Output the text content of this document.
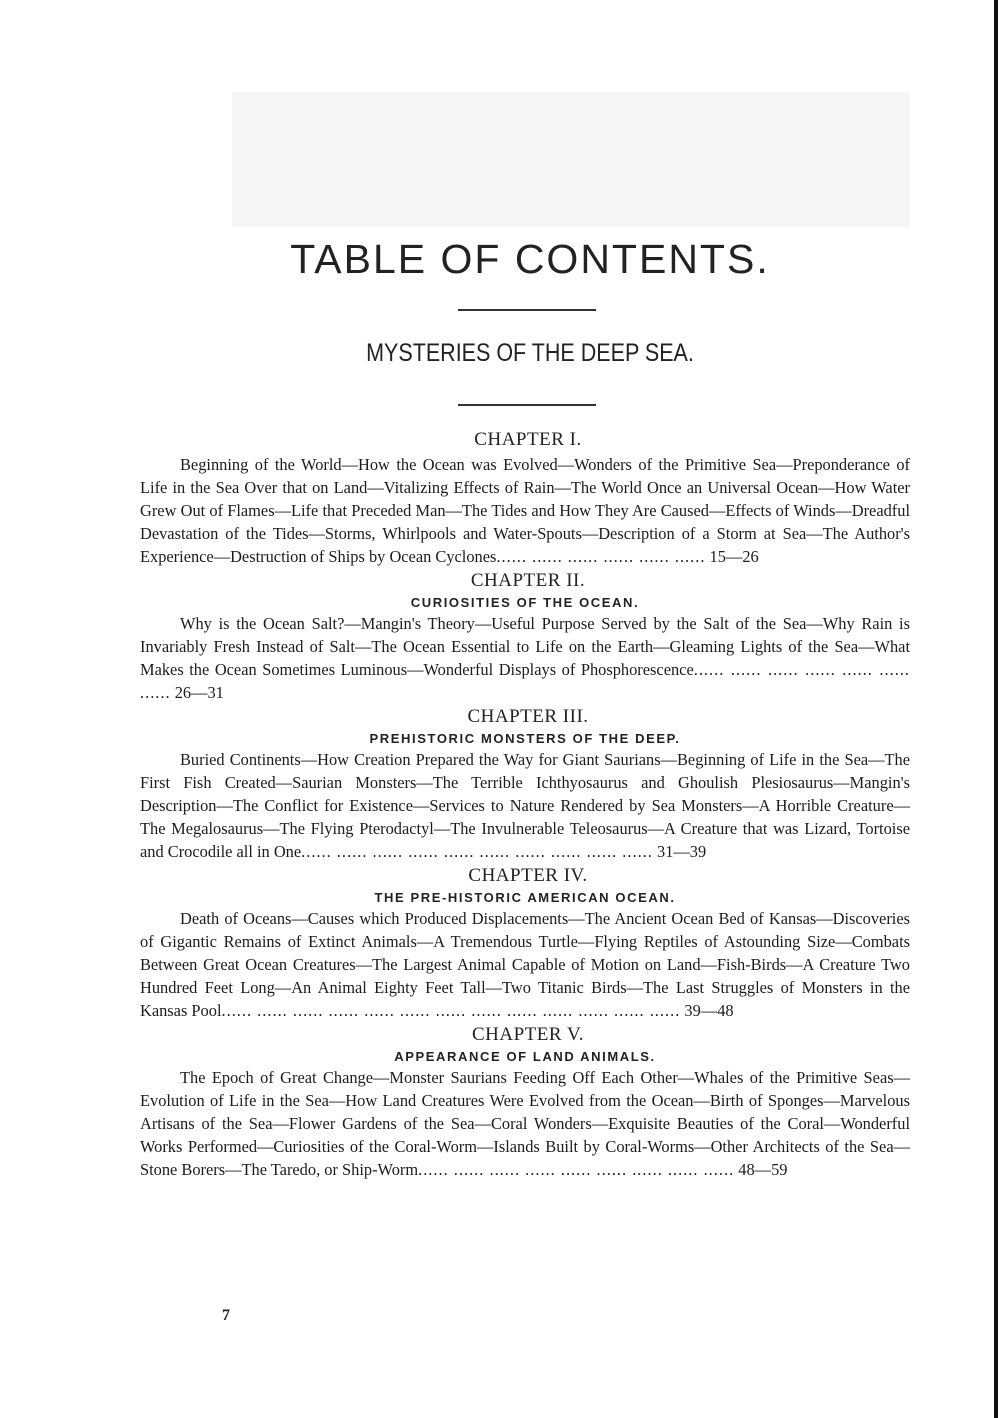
TABLE OF CONTENTS.
MYSTERIES OF THE DEEP SEA.
CHAPTER I.

Beginning of the World—How the Ocean was Evolved—Wonders of the Primitive Sea—Preponderance of Life in the Sea Over that on Land—Vitalizing Effects of Rain—The World Once an Universal Ocean—How Water Grew Out of Flames—Life that Preceded Man—The Tides and How They Are Caused—Effects of Winds—Dreadful Devastation of the Tides—Storms, Whirlpools and Water-Spouts—Description of a Storm at Sea—The Author's Experience—Destruction of Ships by Ocean Cyclones...... ...... ...... ...... ...... ...... 15—26

CHAPTER II.
CURIOSITIES OF THE OCEAN.

Why is the Ocean Salt?—Mangin's Theory—Useful Purpose Served by the Salt of the Sea—Why Rain is Invariably Fresh Instead of Salt—The Ocean Essential to Life on the Earth—Gleaming Lights of the Sea—What Makes the Ocean Sometimes Luminous—Wonderful Displays of Phosphorescence...... ...... ...... ...... ...... ...... ...... 26—31

CHAPTER III.
PREHISTORIC MONSTERS OF THE DEEP.

Buried Continents—How Creation Prepared the Way for Giant Saurians—Beginning of Life in the Sea—The First Fish Created—Saurian Monsters—The Terrible Ichthyosaurus and Ghoulish Plesiosaurus—Mangin's Description—The Conflict for Existence—Services to Nature Rendered by Sea Monsters—A Horrible Creature—The Megalosaurus—The Flying Pterodactyl—The Invulnerable Teleosaurus—A Creature that was Lizard, Tortoise and Crocodile all in One...... ...... ...... ...... ...... ...... ...... ...... ...... ...... 31—39

CHAPTER IV.
THE PRE-HISTORIC AMERICAN OCEAN.

Death of Oceans—Causes which Produced Displacements—The Ancient Ocean Bed of Kansas—Discoveries of Gigantic Remains of Extinct Animals—A Tremendous Turtle—Flying Reptiles of Astounding Size—Combats Between Great Ocean Creatures—The Largest Animal Capable of Motion on Land—Fish-Birds—A Creature Two Hundred Feet Long—An Animal Eighty Feet Tall—Two Titanic Birds—The Last Struggles of Monsters in the Kansas Pool...... ...... ...... ...... ...... ...... ...... ...... ...... ...... ...... ...... ...... 39—48

CHAPTER V.
APPEARANCE OF LAND ANIMALS.

The Epoch of Great Change—Monster Saurians Feeding Off Each Other—Whales of the Primitive Seas—Evolution of Life in the Sea—How Land Creatures Were Evolved from the Ocean—Birth of Sponges—Marvelous Artisans of the Sea—Flower Gardens of the Sea—Coral Wonders—Exquisite Beauties of the Coral—Wonderful Works Performed—Curiosities of the Coral-Worm—Islands Built by Coral-Worms—Other Architects of the Sea—Stone Borers—The Taredo, or Ship-Worm...... ...... ...... ...... ...... ...... ...... ...... ...... 48—59

7
